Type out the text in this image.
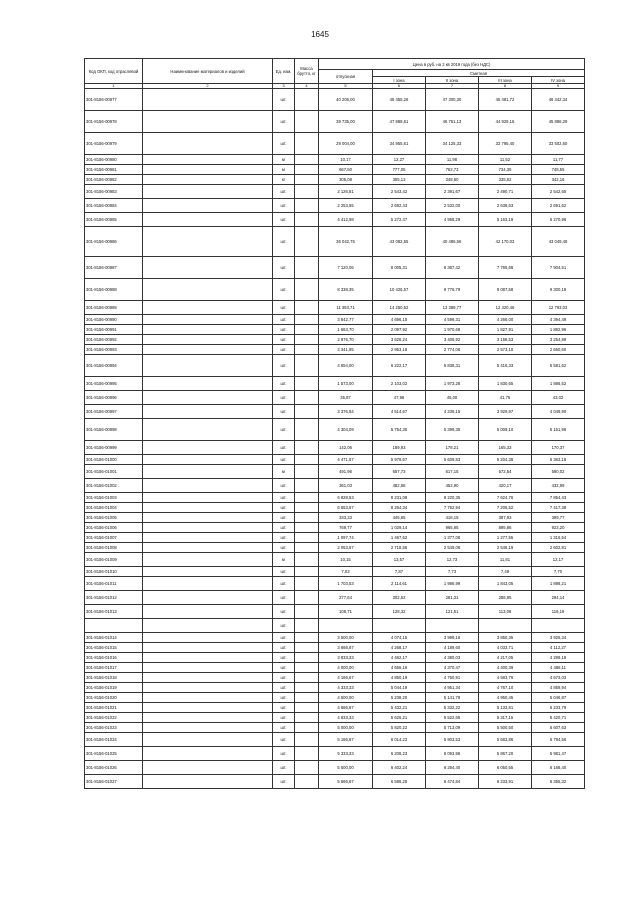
1645
Код ОКП, код отраслевой	Наименование материалов и изделий	Ед. изм.	Масса брутто, кг	Цена в руб. на 2 кв 2019 года (без НДС)				
				отпускная	Сметная			
					I зона	II зона	III зона	IV зона
1	2	3	4	5	6	7	8	9
301-8156-00977		шт.		40 206,00	48 455,26	47 300,30	45 481,72	46 442,34
301-8156-00978		шт.		39 735,00	47 888,61	46 751,13	44 929,16	45 886,29
301-8156-00979		шт.		29 004,00	34 955,61	34 125,33	32 795,40	33 502,60
301-8156-00980		м		10,17	12,27	11,98	11,52	11,77
301-8156-00981		м		667,50	777,05	762,73	734,35	748,55
301-8156-00982		кг		305,08	355,13	348,60	335,62	342,16
301-8156-00983		шт.		2 126,81	2 543,42	2 391,67	2 490,71	2 542,65
301-8156-00984		шт.		2 253,55	2 692,43	2 532,00	2 638,63	2 691,62
301-8156-00985		шт.		4 412,98	5 272,47	4 958,29	5 163,19	5 270,96
301-8156-00986		шт.		36 042,75	43 082,55	40 486,56	42 170,03	43 049,48
301-8156-00987		шт.		7 120,06	8 005,31	8 367,42	7 765,68	7 904,51
301-8156-00988		шт.		8 338,35	10 426,57	9 776,79	9 087,58	9 300,18
301-8156-00989		шт.		11 393,71	14 250,52	13 389,77	12 420,46	12 793,03
301-8156-00990		шт.		3 842,77	4 696,15	4 599,31	4 266,00	4 394,49
301-8156-00991		шт.		1 663,70	2 097,92	1 970,68	1 827,91	1 882,96
301-8156-00992		шт.		2 876,70	3 626,24	3 406,92	3 158,53	3 254,89
301-8156-00993		шт.		2 341,95	2 953,18	2 774,06	2 573,10	2 650,60
301-8156-00994		шт.		4 654,00	6 222,17	5 838,31	5 416,33	5 581,62
301-8156-00995		шт.		1 573,00	2 103,02	1 973,28	1 830,65	1 886,52
301-8156-00996		шт.		35,87	47,96	45,00	41,75	43,02
301-8156-00997		шт.		3 376,84	4 514,67	4 236,15	3 929,97	4 049,90
301-8156-00998		шт.		4 304,09	5 754,35	5 399,35	5 009,10	5 161,96
301-8156-00999		шт.		142,06	189,93	178,21	165,33	170,37
301-8156-01000		шт.		4 471,67	5 978,67	5 609,83	5 204,38	5 363,18
301-8156-01001		м		491,96	657,73	617,15	572,54	590,02
301-8156-01002		шт.		361,03	482,68	452,90	420,17	432,99
301-8156-01003		шт.		6 828,53	8 231,08	8 220,35	7 624,76	7 854,43
301-8156-01004		шт.		6 653,67	8 264,34	7 762,94	7 205,52	7 417,38
301-8156-01005		шт.		333,33	445,65	418,15	387,93	399,77
301-8156-01006		шт.		769,77	1 029,14	965,65	895,86	923,20
301-8156-01007		шт.		1 097,74	1 467,62	1 377,08	1 277,55	1 316,54
301-8156-01008		шт.		2 053,67	2 718,56	2 549,06	2 546,19	2 602,81
301-8156-01009		м		10,15	13,57	12,73	11,81	12,17
301-8156-01010		шт.		7,03	7,87	7,73	7,49	7,70
301-8156-01011		шт.		1 703,53	2 114,61	1 986,99	1 843,05	1 898,21
301-8156-01012		шт.		277,64	302,62	281,31	288,95	294,14
301-8156-01013		шт.		108,71	128,32	121,51	113,06	116,19
		шт.						
301-8156-01014		шт.		3 500,00	4 074,15	3 999,16	3 850,35	3 925,34
301-8156-01015		шт.		3 666,67	4 268,17	4 189,60	4 033,71	4 112,27
301-8156-01016		шт.		3 833,33	4 462,17	4 380,03	4 217,05	4 299,18
301-8156-01017		шт.		4 000,00	4 656,16	4 370,47	4 400,39	4 486,11
301-8156-01018		шт.		4 166,67	4 850,19	4 760,91	4 583,76	4 673,03
301-8156-01019		шт.		4 333,33	5 044,19	4 951,34	4 767,10	4 859,94
301-8156-01020		шт.		4 500,00	5 238,20	5 141,78	4 950,45	5 046,87
301-8156-01021		шт.		4 666,67	5 432,21	5 332,22	5 133,81	5 233,79
301-8156-01022		шт.		4 833,33	5 626,21	5 522,65	5 317,15	5 420,71
301-8156-01023		шт.		5 000,00	5 820,22	5 713,09	5 500,50	5 607,63
301-8156-01024		шт.		5 166,67	6 014,23	5 903,53	5 683,86	5 794,56
301-8156-01025		шт.		5 333,33	6 208,23	6 093,96	5 867,20	5 981,47
301-8156-01026		шт.		5 500,00	6 402,24	6 284,40	6 050,55	6 168,40
301-8156-01027		шт.		5 666,67	6 596,25	6 474,84	6 233,91	6 355,32
